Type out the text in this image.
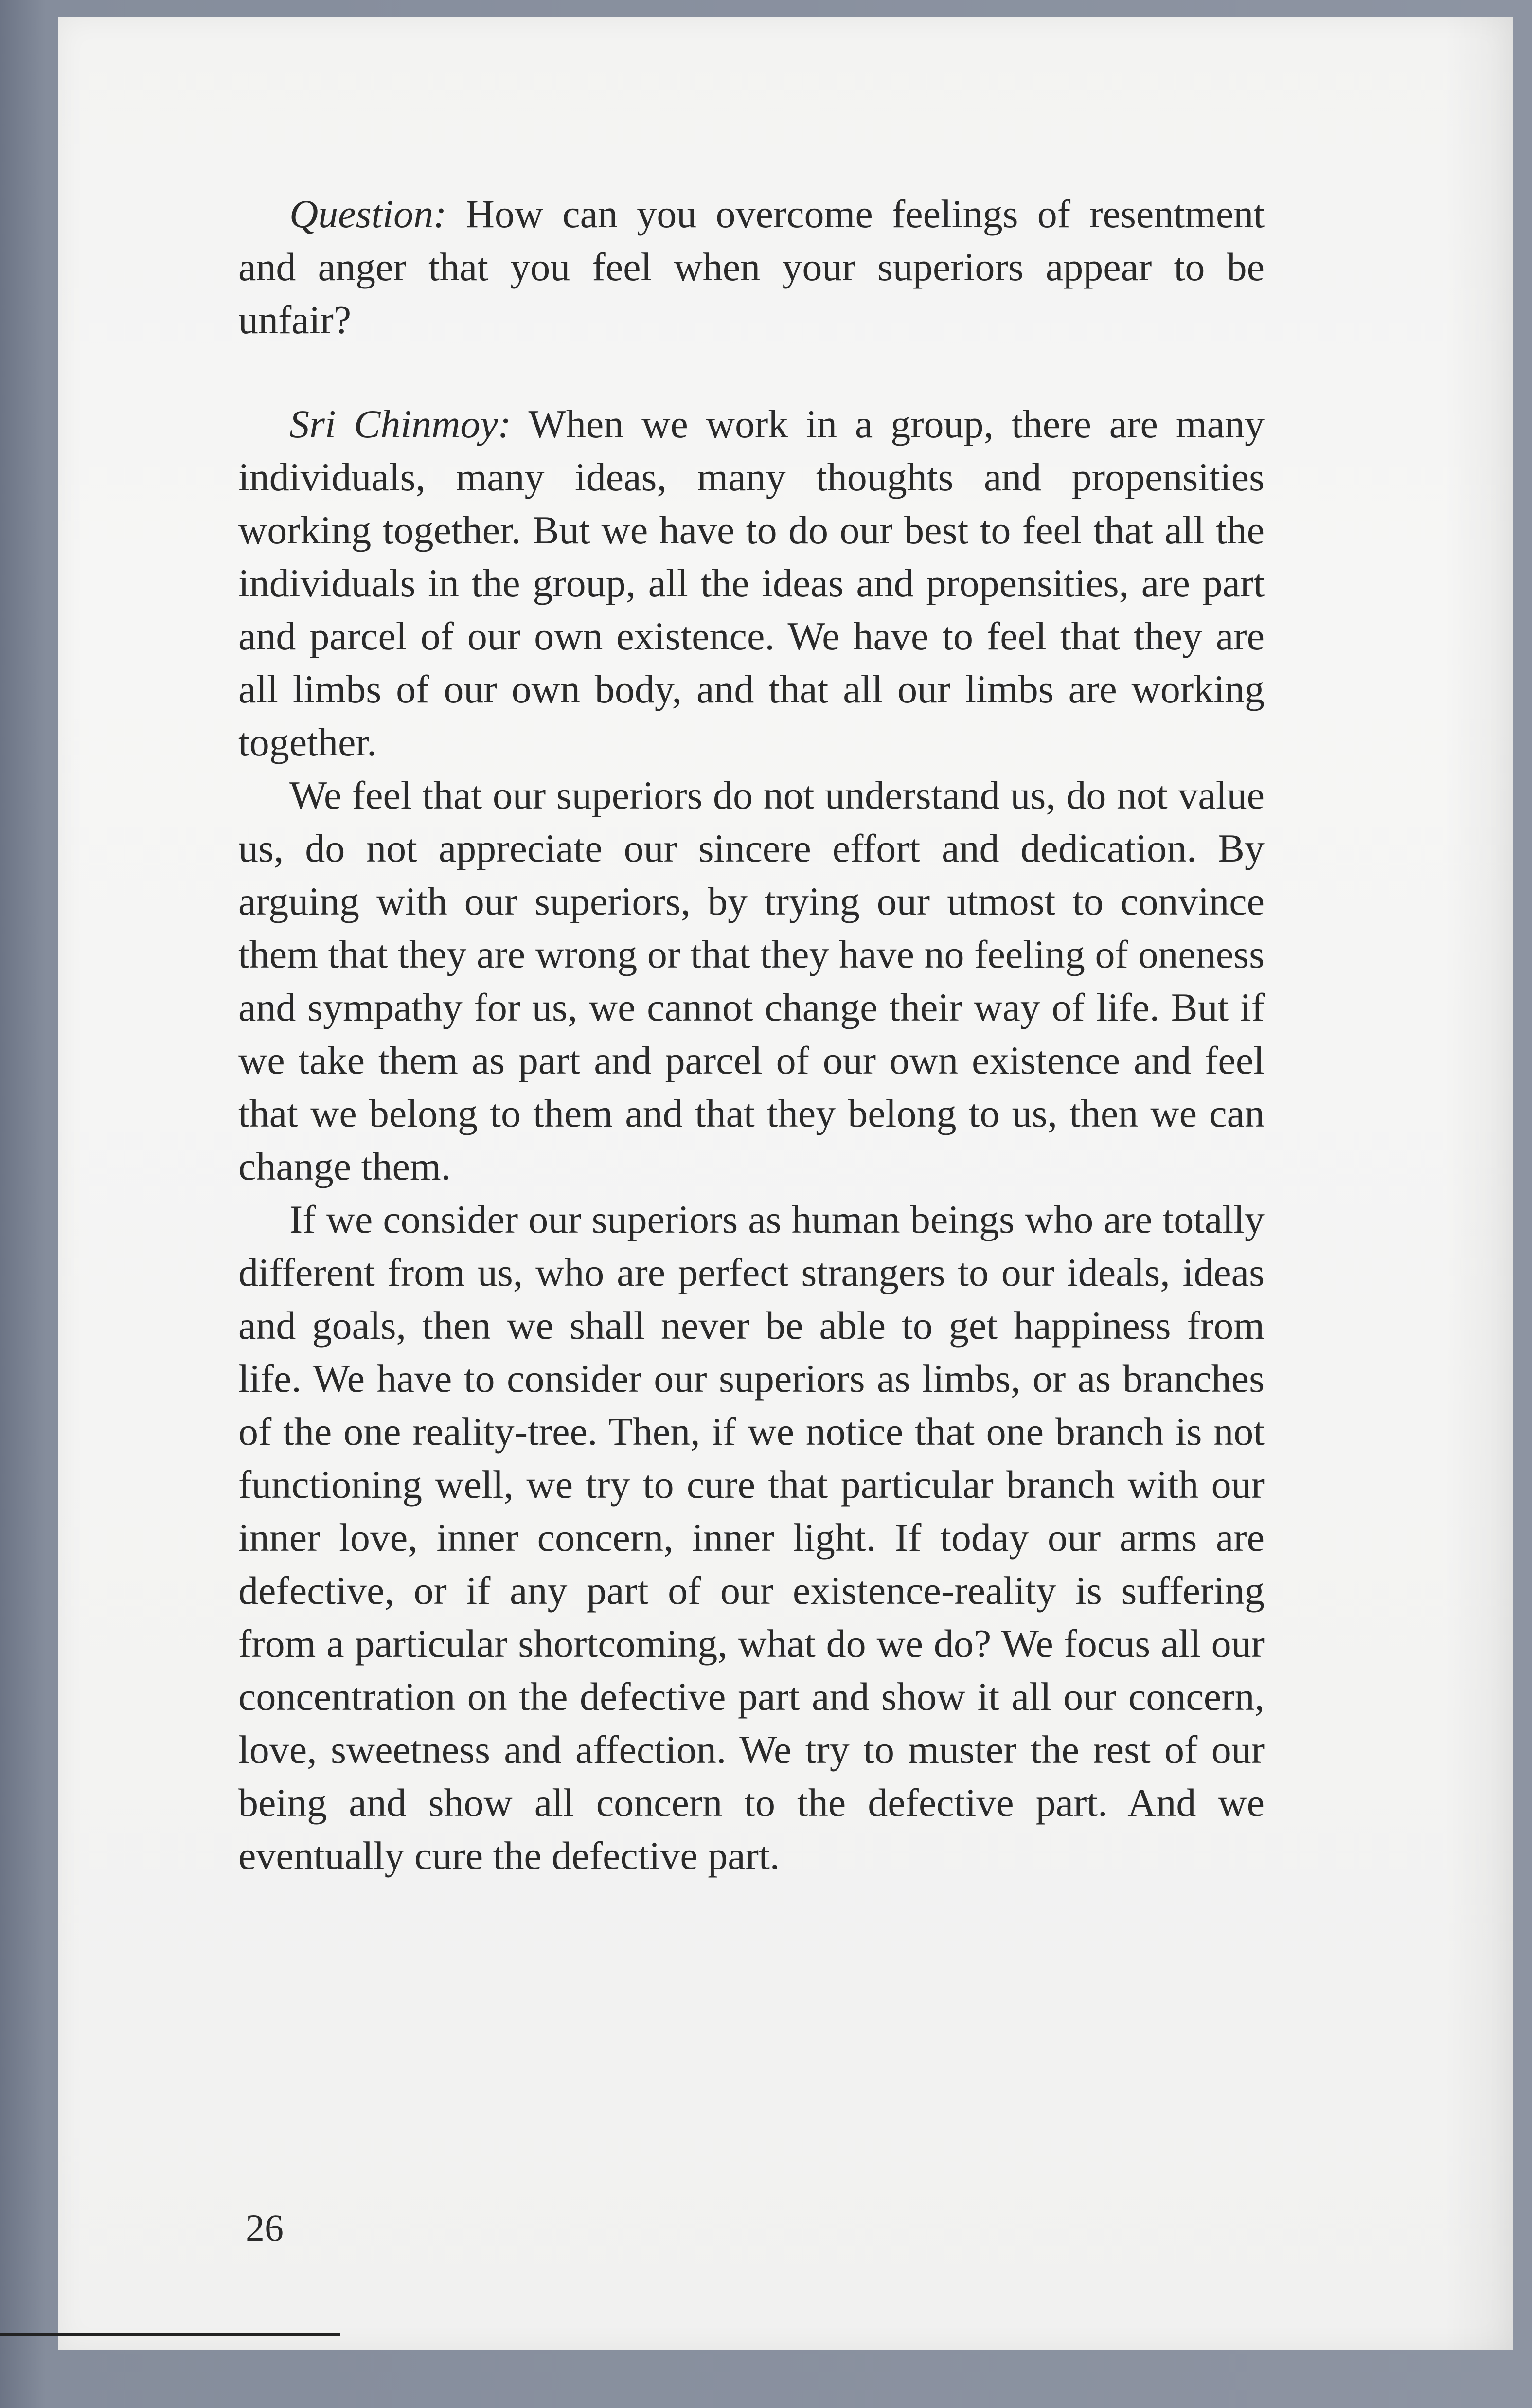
Question: How can you overcome feelings of resentment and anger that you feel when your superiors appear to be unfair?

Sri Chinmoy: When we work in a group, there are many individuals, many ideas, many thoughts and propensities working together. But we have to do our best to feel that all the individuals in the group, all the ideas and propensities, are part and parcel of our own existence. We have to feel that they are all limbs of our own body, and that all our limbs are working together.

We feel that our superiors do not understand us, do not value us, do not appreciate our sincere effort and dedication. By arguing with our superiors, by trying our utmost to convince them that they are wrong or that they have no feeling of oneness and sympathy for us, we cannot change their way of life. But if we take them as part and parcel of our own existence and feel that we belong to them and that they belong to us, then we can change them.

If we consider our superiors as human beings who are totally different from us, who are perfect strangers to our ideals, ideas and goals, then we shall never be able to get happiness from life. We have to consider our superiors as limbs, or as branches of the one reality-tree. Then, if we notice that one branch is not functioning well, we try to cure that particular branch with our inner love, inner concern, inner light. If today our arms are defective, or if any part of our existence-reality is suffering from a particular shortcoming, what do we do? We focus all our concentration on the defective part and show it all our concern, love, sweetness and affection. We try to muster the rest of our being and show all concern to the defective part. And we eventually cure the defective part.

26
